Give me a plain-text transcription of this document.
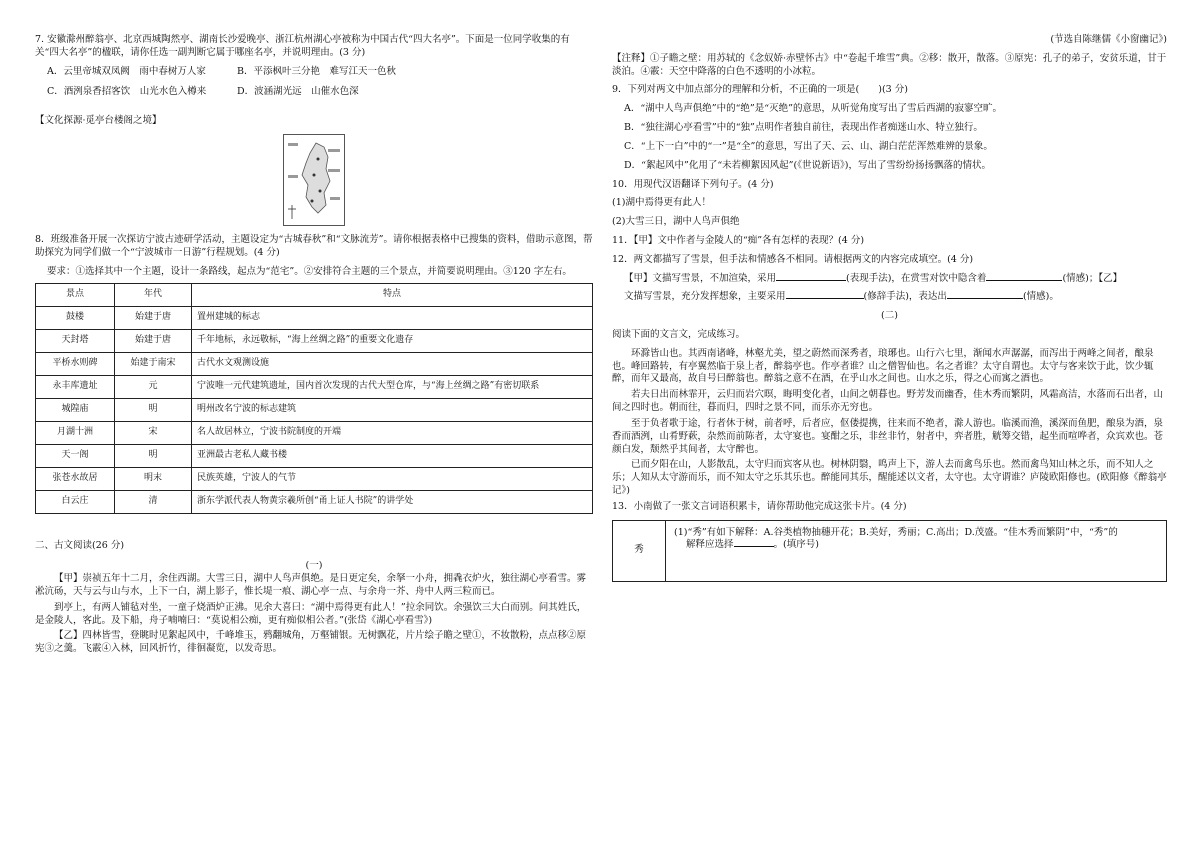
7. 安徽滁州醉翁亭、北京西城陶然亭、湖南长沙爱晚亭、浙江杭州湖心亭被称为中国古代“四大名亭”。下面是一位同学收集的有关“四大名亭”的楹联，请你任选一副判断它属于哪座名亭，并说明理由。(3 分)

A．云里帝城双凤阙　雨中春树万人家	B．平添枫叶三分艳　难写江天一色秋
C．酒洌泉香招客饮　山光水色入樽来	D．波涵湖光远　山催水色深

【文化探源·觅亭台楼阁之境】

8．班级准备开展一次探访宁波古迹研学活动，主题设定为“古城春秋”和“文脉流芳”。请你根据表格中已搜集的资料，借助示意图，帮助探究为同学们做一个“宁波城市一日游”行程规划。(4 分)

要求：①选择其中一个主题，设计一条路线，起点为“范宅”。②安排符合主题的三个景点，并简要说明理由。③120 字左右。

景点	年代	特点
鼓楼	始建于唐	置州建城的标志
天封塔	始建于唐	千年地标，永远敬标，“海上丝绸之路”的重要文化遗存
平桥水则碑	始建于南宋	古代水文观测设施
永丰库遗址	元	宁波唯一元代建筑遗址，国内首次发现的古代大型仓库，与“海上丝绸之路”有密切联系
城隍庙	明	明州改名宁波的标志建筑
月湖十洲	宋	名人故居林立，宁波书院制度的开端
天一阁	明	亚洲最古老私人藏书楼
张苍水故居	明末	民族英雄，宁波人的气节
白云庄	清	浙东学派代表人物黄宗羲所创“甬上证人书院”的讲学处

二、古文阅读(26 分)

(一)

【甲】崇祯五年十二月，余住西湖。大雪三日，湖中人鸟声俱绝。是日更定矣，余拏一小舟，拥毳衣炉火，独往湖心亭看雪。雾凇沆砀，天与云与山与水，上下一白，湖上影子，惟长堤一痕、湖心亭一点、与余舟一芥、舟中人两三粒而已。

到亭上，有两人铺毡对坐，一童子烧酒炉正沸。见余大喜曰：“湖中焉得更有此人！”拉余同饮。余强饮三大白而别。问其姓氏，是金陵人，客此。及下船，舟子喃喃曰：“莫说相公痴，更有痴似相公者。”(张岱《湖心亭看雪》)

【乙】四林皆雪，登眺时见絮起风中，千峰堆玉，鸦翻城角，万壑铺银。无树飘花，片片绘子瞻之壁①，不妆散粉，点点移②原宪③之羹。飞霰④入林，回风折竹，徘徊凝览，以发奇思。

(节选自陈继儒《小窗幽记》)

【注释】①子瞻之壁：用苏轼的《念奴娇·赤壁怀古》中“卷起千堆雪”典。②移：散开，散落。③原宪：孔子的弟子，安贫乐道，甘于淡泊。④霰：天空中降落的白色不透明的小冰粒。

9．下列对两文中加点部分的理解和分析，不正确的一项是(　　)(3 分)

A．“湖中人鸟声俱绝”中的“绝”是“灭绝”的意思，从听觉角度写出了雪后西湖的寂寥空旷。

B．“独往湖心亭看雪”中的“独”点明作者独自前往，表现出作者痴迷山水、特立独行。

C．“上下一白”中的“一”是“全”的意思，写出了天、云、山、湖白茫茫浑然难辨的景象。

D．“絮起风中”化用了“未若柳絮因风起”(《世说新语》)，写出了雪纷纷扬扬飘落的情状。

10．用现代汉语翻译下列句子。(4 分)

(1)湖中焉得更有此人！

(2)大雪三日，湖中人鸟声俱绝

11．【甲】文中作者与金陵人的“痴”各有怎样的表现？(4 分)

12．两文都描写了雪景，但手法和情感各不相同。请根据两文的内容完成填空。(4 分)

【甲】文描写雪景，不加渲染，采用	(表现手法)，在赏雪对饮中隐含着	(情感)；【乙】

文描写雪景，充分发挥想象，主要采用	(修辞手法)，表达出	(情感)。

(二)

阅读下面的文言文，完成练习。

环滁皆山也。其西南诸峰，林壑尤美，望之蔚然而深秀者，琅琊也。山行六七里，渐闻水声潺潺，而泻出于两峰之间者，酿泉也。峰回路转，有亭翼然临于泉上者，醉翁亭也。作亭者谁？山之僧智仙也。名之者谁？太守自谓也。太守与客来饮于此，饮少辄醉，而年又最高，故自号曰醉翁也。醉翁之意不在酒，在乎山水之间也。山水之乐，得之心而寓之酒也。

若夫日出而林霏开，云归而岩穴暝，晦明变化者，山间之朝暮也。野芳发而幽香，佳木秀而繁阴，风霜高洁，水落而石出者，山间之四时也。朝而往，暮而归，四时之景不同，而乐亦无穷也。

至于负者歌于途，行者休于树，前者呼，后者应，伛偻提携，往来而不绝者，滁人游也。临溪而渔，溪深而鱼肥，酿泉为酒，泉香而酒洌，山肴野蔌，杂然而前陈者，太守宴也。宴酣之乐，非丝非竹，射者中，弈者胜，觥筹交错，起坐而喧哗者，众宾欢也。苍颜白发，颓然乎其间者，太守醉也。

已而夕阳在山，人影散乱，太守归而宾客从也。树林阴翳，鸣声上下，游人去而禽鸟乐也。然而禽鸟知山林之乐，而不知人之乐；人知从太守游而乐，而不知太守之乐其乐也。醉能同其乐，醒能述以文者，太守也。太守谓谁？庐陵欧阳修也。(欧阳修《醉翁亭记》)

13．小南做了一张文言词语积累卡，请你帮助他完成这张卡片。(4 分)

秀

(1)“秀”有如下解释：A.谷类植物抽穗开花；B.美好，秀丽；C.高出；D.茂盛。“佳木秀而繁阴”中，“秀”的

解释应选择	。(填序号)
